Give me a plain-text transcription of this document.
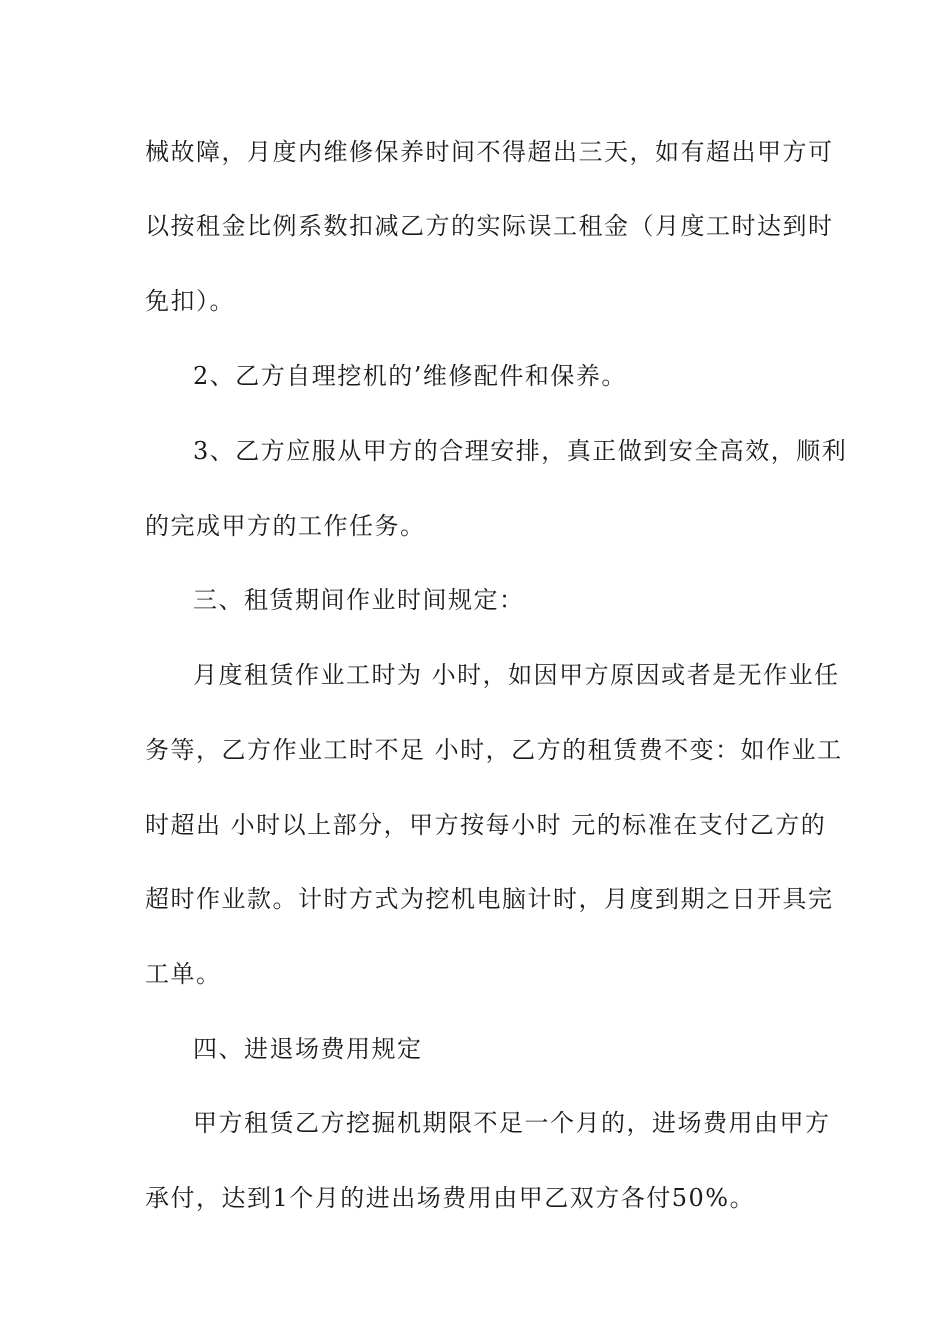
械故障，月度内维修保养时间不得超出三天，如有超出甲方可
以按租金比例系数扣减乙方的实际误工租金（月度工时达到时
免扣）。
2、乙方自理挖机的’维修配件和保养。
3、乙方应服从甲方的合理安排，真正做到安全高效，顺利
的完成甲方的工作任务。
三、租赁期间作业时间规定：
月度租赁作业工时为 小时，如因甲方原因或者是无作业任
务等，乙方作业工时不足 小时，乙方的租赁费不变：如作业工
时超出 小时以上部分，甲方按每小时 元的标准在支付乙方的
超时作业款。计时方式为挖机电脑计时，月度到期之日开具完
工单。
四、进退场费用规定
甲方租赁乙方挖掘机期限不足一个月的，进场费用由甲方
承付，达到1个月的进出场费用由甲乙双方各付50%。
